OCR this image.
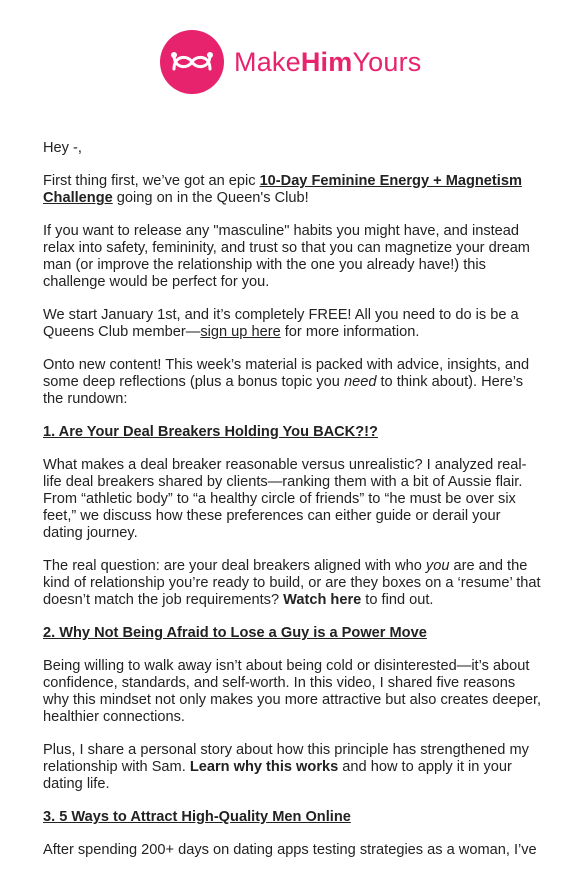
MakeHimYours

Hey -,

First thing first, we’ve got an epic 10-Day Feminine Energy + Magnetism Challenge going on in the Queen's Club!

If you want to release any "masculine" habits you might have, and instead relax into safety, femininity, and trust so that you can magnetize your dream man (or improve the relationship with the one you already have!) this challenge would be perfect for you.

We start January 1st, and it’s completely FREE! All you need to do is be a Queens Club member—sign up here for more information.

Onto new content! This week’s material is packed with advice, insights, and some deep reflections (plus a bonus topic you need to think about). Here’s the rundown:

1. Are Your Deal Breakers Holding You BACK?!?

What makes a deal breaker reasonable versus unrealistic? I analyzed real-life deal breakers shared by clients—ranking them with a bit of Aussie flair. From “athletic body” to “a healthy circle of friends” to “he must be over six feet,” we discuss how these preferences can either guide or derail your dating journey.

The real question: are your deal breakers aligned with who you are and the kind of relationship you’re ready to build, or are they boxes on a ‘resume’ that doesn’t match the job requirements? Watch here to find out.

2. Why Not Being Afraid to Lose a Guy is a Power Move

Being willing to walk away isn’t about being cold or disinterested—it’s about confidence, standards, and self-worth. In this video, I shared five reasons why this mindset not only makes you more attractive but also creates deeper, healthier connections.

Plus, I share a personal story about how this principle has strengthened my relationship with Sam. Learn why this works and how to apply it in your dating life.

3. 5 Ways to Attract High-Quality Men Online

After spending 200+ days on dating apps testing strategies as a woman, I’ve
